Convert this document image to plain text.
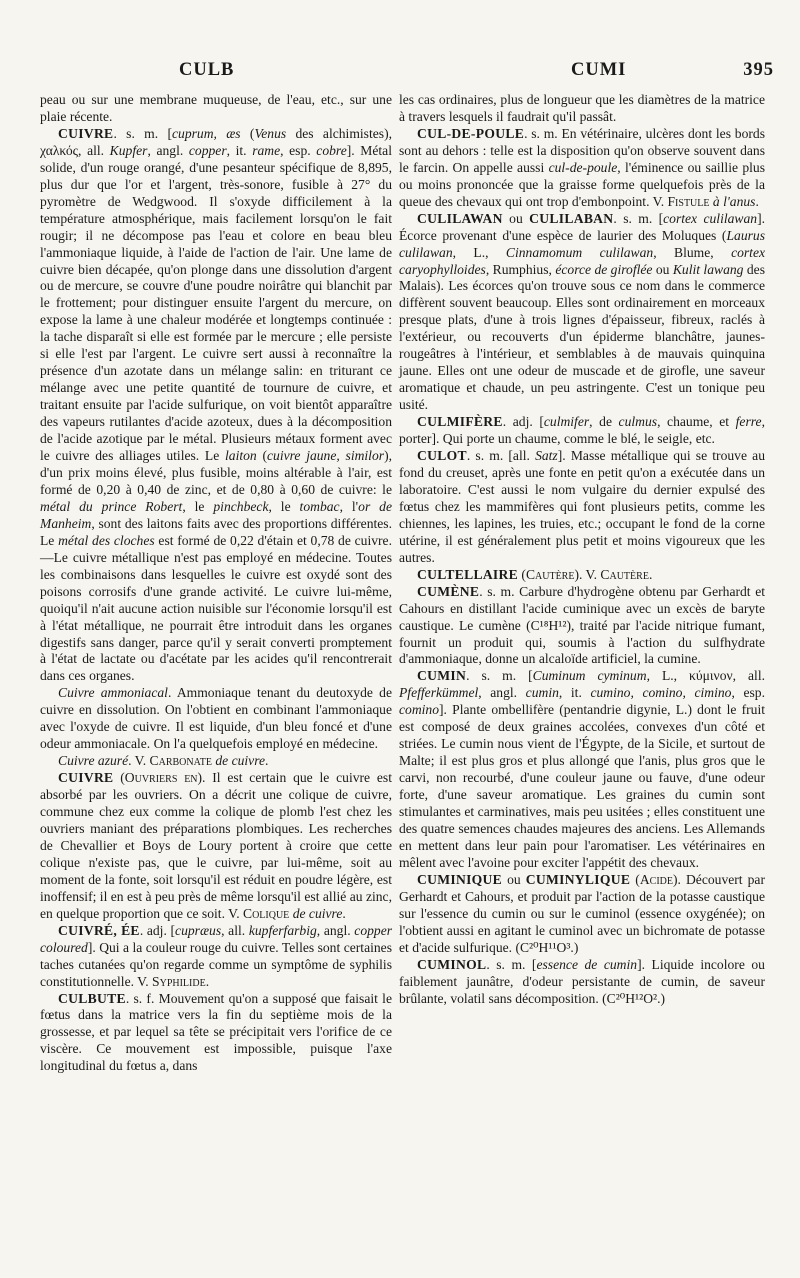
CULB	CUMI	395

peau ou sur une membrane muqueuse, de l'eau, etc., sur une plaie récente.

CUIVRE. s. m. [cuprum, æs (Venus des alchimistes), χαλκός, all. Kupfer, angl. copper, it. rame, esp. cobre]. Métal solide, d'un rouge orangé, d'une pesanteur spécifique de 8,895, plus dur que l'or et l'argent, très-sonore, fusible à 27° du pyromètre de Wedgwood. Il s'oxyde difficilement à la température atmosphérique, mais facilement lorsqu'on le fait rougir; il ne décompose pas l'eau et colore en beau bleu l'ammoniaque liquide, à l'aide de l'action de l'air. Une lame de cuivre bien décapée, qu'on plonge dans une dissolution d'argent ou de mercure, se couvre d'une poudre noirâtre qui blanchit par le frottement; pour distinguer ensuite l'argent du mercure, on expose la lame à une chaleur modérée et longtemps continuée : la tache disparaît si elle est formée par le mercure ; elle persiste si elle l'est par l'argent. Le cuivre sert aussi à reconnaître la présence d'un azotate dans un mélange salin: en triturant ce mélange avec une petite quantité de tournure de cuivre, et traitant ensuite par l'acide sulfurique, on voit bientôt apparaître des vapeurs rutilantes d'acide azoteux, dues à la décomposition de l'acide azotique par le métal. Plusieurs métaux forment avec le cuivre des alliages utiles. Le laiton (cuivre jaune, similor), d'un prix moins élevé, plus fusible, moins altérable à l'air, est formé de 0,20 à 0,40 de zinc, et de 0,80 à 0,60 de cuivre: le métal du prince Robert, le pinchbeck, le tombac, l'or de Manheim, sont des laitons faits avec des proportions différentes. Le métal des cloches est formé de 0,22 d'étain et 0,78 de cuivre.—Le cuivre métallique n'est pas employé en médecine. Toutes les combinaisons dans lesquelles le cuivre est oxydé sont des poisons corrosifs d'une grande activité. Le cuivre lui-même, quoiqu'il n'ait aucune action nuisible sur l'économie lorsqu'il est à l'état métallique, ne pourrait être introduit dans les organes digestifs sans danger, parce qu'il y serait converti promptement à l'état de lactate ou d'acétate par les acides qu'il rencontrerait dans ces organes.

Cuivre ammoniacal. Ammoniaque tenant du deutoxyde de cuivre en dissolution. On l'obtient en combinant l'ammoniaque avec l'oxyde de cuivre. Il est liquide, d'un bleu foncé et d'une odeur ammoniacale. On l'a quelquefois employé en médecine.

Cuivre azuré. V. Carbonate de cuivre.

CUIVRE (Ouvriers en). Il est certain que le cuivre est absorbé par les ouvriers. On a décrit une colique de cuivre, commune chez eux comme la colique de plomb l'est chez les ouvriers maniant des préparations plombiques. Les recherches de Chevallier et Boys de Loury portent à croire que cette colique n'existe pas, que le cuivre, par lui-même, soit au moment de la fonte, soit lorsqu'il est réduit en poudre légère, est inoffensif; il en est à peu près de même lorsqu'il est allié au zinc, en quelque proportion que ce soit. V. Colique de cuivre.

CUIVRÉ, ÉE. adj. [cupræus, all. kupferfarbig, angl. copper coloured]. Qui a la couleur rouge du cuivre. Telles sont certaines taches cutanées qu'on regarde comme un symptôme de syphilis constitutionnelle. V. Syphilide.

CULBUTE. s. f. Mouvement qu'on a supposé que faisait le fœtus dans la matrice vers la fin du septième mois de la grossesse, et par lequel sa tête se précipitait vers l'orifice de ce viscère. Ce mouvement est impossible, puisque l'axe longitudinal du fœtus a, dans

les cas ordinaires, plus de longueur que les diamètres de la matrice à travers lesquels il faudrait qu'il passât.

CUL-DE-POULE. s. m. En vétérinaire, ulcères dont les bords sont au dehors : telle est la disposition qu'on observe souvent dans le farcin. On appelle aussi cul-de-poule, l'éminence ou saillie plus ou moins prononcée que la graisse forme quelquefois près de la queue des chevaux qui ont trop d'embonpoint. V. Fistule à l'anus.

CULILAWAN ou CULILABAN. s. m. [cortex culilawan]. Écorce provenant d'une espèce de laurier des Moluques (Laurus culilawan, L., Cinnamomum culilawan, Blume, cortex caryophylloides, Rumphius, écorce de giroflée ou Kulit lawang des Malais). Les écorces qu'on trouve sous ce nom dans le commerce diffèrent souvent beaucoup. Elles sont ordinairement en morceaux presque plats, d'une à trois lignes d'épaisseur, fibreux, raclés à l'extérieur, ou recouverts d'un épiderme blanchâtre, jaunes-rougeâtres à l'intérieur, et semblables à de mauvais quinquina jaune. Elles ont une odeur de muscade et de girofle, une saveur aromatique et chaude, un peu astringente. C'est un tonique peu usité.

CULMIFÈRE. adj. [culmifer, de culmus, chaume, et ferre, porter]. Qui porte un chaume, comme le blé, le seigle, etc.

CULOT. s. m. [all. Satz]. Masse métallique qui se trouve au fond du creuset, après une fonte en petit qu'on a exécutée dans un laboratoire. C'est aussi le nom vulgaire du dernier expulsé des fœtus chez les mammifères qui font plusieurs petits, comme les chiennes, les lapines, les truies, etc.; occupant le fond de la corne utérine, il est généralement plus petit et moins vigoureux que les autres.

CULTELLAIRE (Cautère). V. Cautère.

CUMÈNE. s. m. Carbure d'hydrogène obtenu par Gerhardt et Cahours en distillant l'acide cuminique avec un excès de baryte caustique. Le cumène (C¹⁸H¹²), traité par l'acide nitrique fumant, fournit un produit qui, soumis à l'action du sulfhydrate d'ammoniaque, donne un alcaloïde artificiel, la cumine.

CUMIN. s. m. [Cuminum cyminum, L., κύμινον, all. Pfefferkümmel, angl. cumin, it. cumino, comino, cimino, esp. comino]. Plante ombellifère (pentandrie digynie, L.) dont le fruit est composé de deux graines accolées, convexes d'un côté et striées. Le cumin nous vient de l'Égypte, de la Sicile, et surtout de Malte; il est plus gros et plus allongé que l'anis, plus gros que le carvi, non recourbé, d'une couleur jaune ou fauve, d'une odeur forte, d'une saveur aromatique. Les graines du cumin sont stimulantes et carminatives, mais peu usitées ; elles constituent une des quatre semences chaudes majeures des anciens. Les Allemands en mettent dans leur pain pour l'aromatiser. Les vétérinaires en mêlent avec l'avoine pour exciter l'appétit des chevaux.

CUMINIQUE ou CUMINYLIQUE (Acide). Découvert par Gerhardt et Cahours, et produit par l'action de la potasse caustique sur l'essence du cumin ou sur le cuminol (essence oxygénée); on l'obtient aussi en agitant le cuminol avec un bichromate de potasse et d'acide sulfurique. (C²⁰H¹¹O³.)

CUMINOL. s. m. [essence de cumin]. Liquide incolore ou faiblement jaunâtre, d'odeur persistante de cumin, de saveur brûlante, volatil sans décomposition. (C²⁰H¹²O².)
